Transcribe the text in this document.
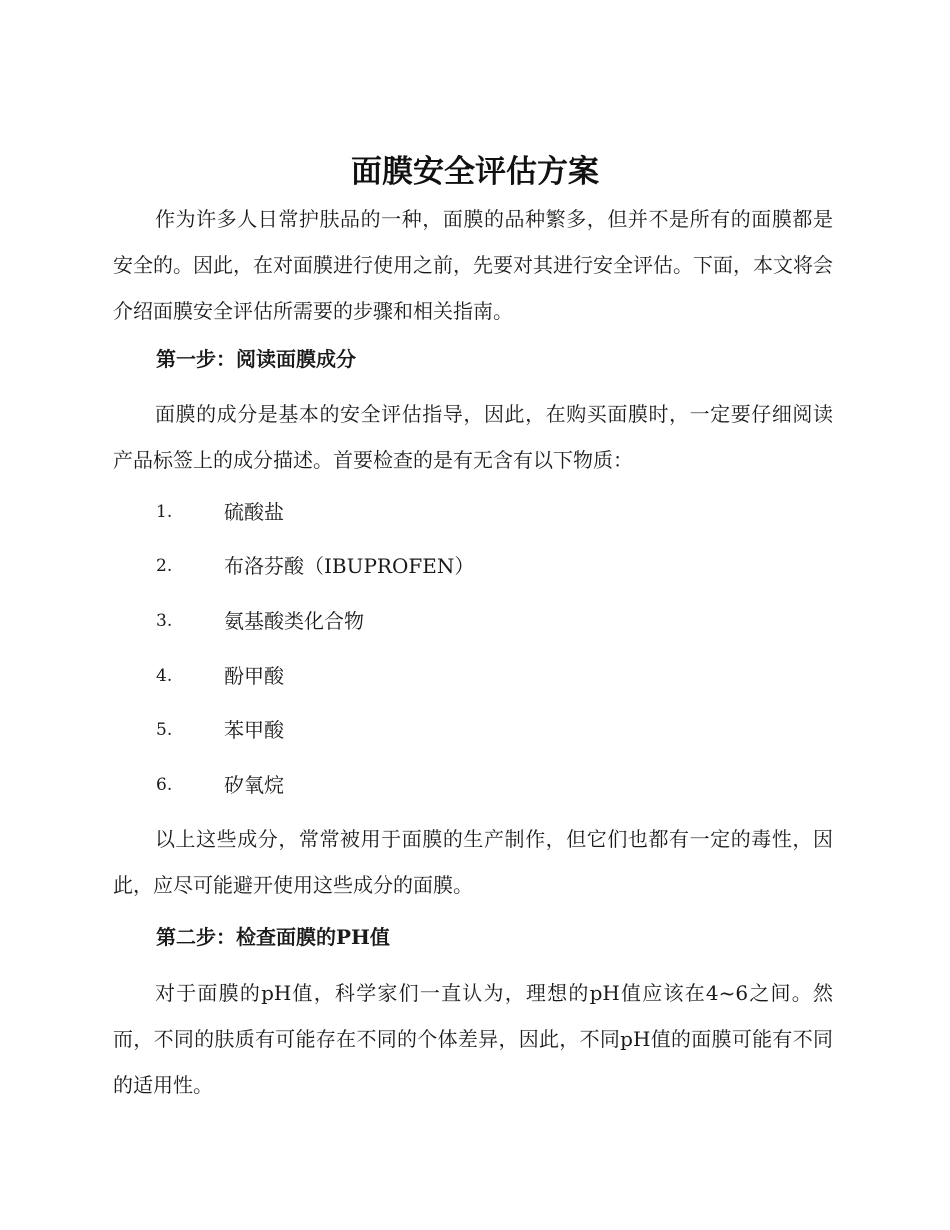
面膜安全评估方案

作为许多人日常护肤品的一种，面膜的品种繁多，但并不是所有的面膜都是安全的。因此，在对面膜进行使用之前，先要对其进行安全评估。下面，本文将会介绍面膜安全评估所需要的步骤和相关指南。

第一步：阅读面膜成分

面膜的成分是基本的安全评估指导，因此，在购买面膜时，一定要仔细阅读产品标签上的成分描述。首要检查的是有无含有以下物质：

1.	硫酸盐
2.	布洛芬酸（IBUPROFEN）
3.	氨基酸类化合物
4.	酚甲酸
5.	苯甲酸
6.	矽氧烷

以上这些成分，常常被用于面膜的生产制作，但它们也都有一定的毒性，因此，应尽可能避开使用这些成分的面膜。

第二步：检查面膜的PH值

对于面膜的pH值，科学家们一直认为，理想的pH值应该在4~6之间。然而，不同的肤质有可能存在不同的个体差异，因此，不同pH值的面膜可能有不同的适用性。
